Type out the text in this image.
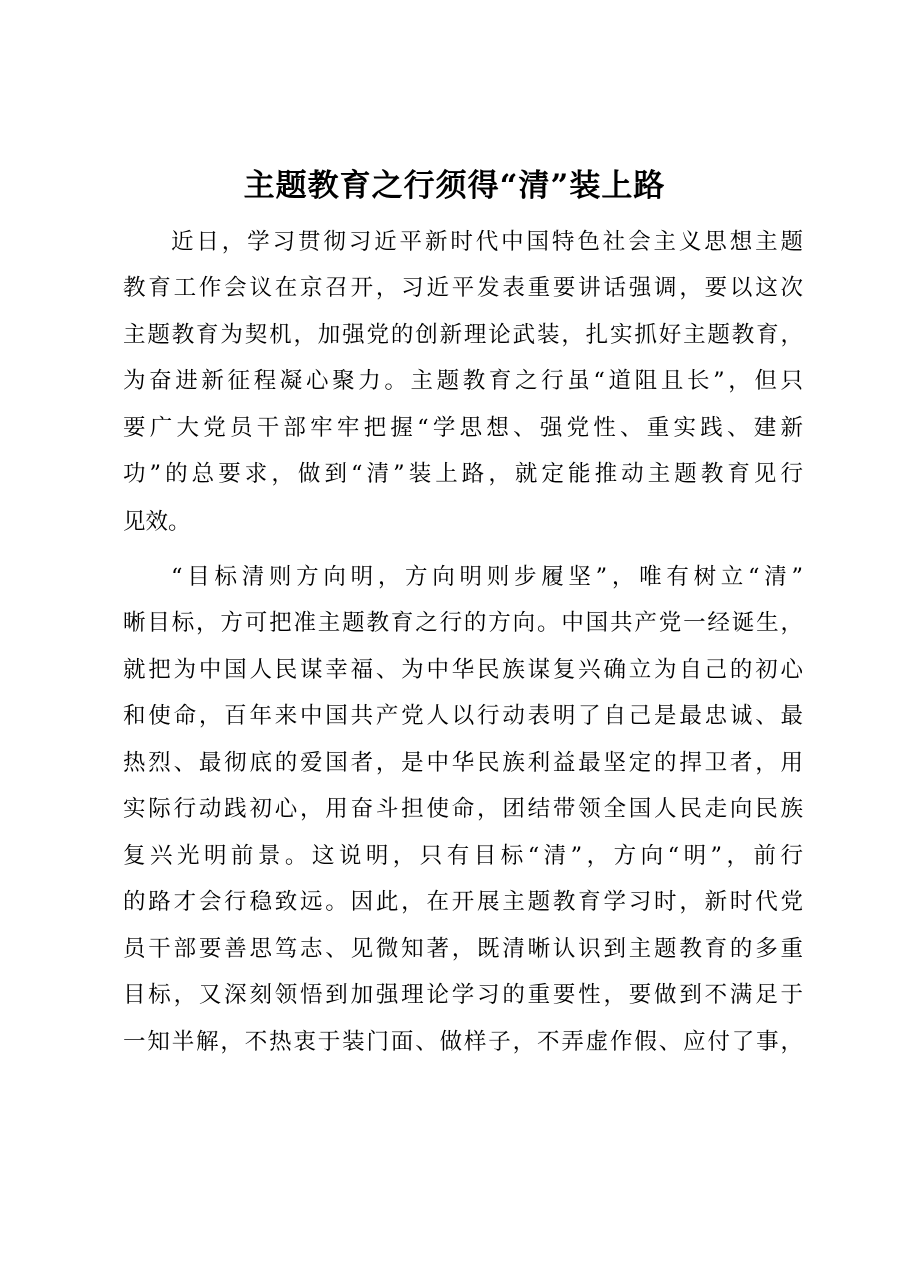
主题教育之行须得“清”装上路

近日，学习贯彻习近平新时代中国特色社会主义思想主题

教育工作会议在京召开，习近平发表重要讲话强调，要以这次

主题教育为契机，加强党的创新理论武装，扎实抓好主题教育，

为奋进新征程凝心聚力。主题教育之行虽“道阻且长”，但只

要广大党员干部牢牢把握“学思想、强党性、重实践、建新

功”的总要求，做到“清”装上路，就定能推动主题教育见行

见效。

“目标清则方向明，方向明则步履坚”，唯有树立“清”

晰目标，方可把准主题教育之行的方向。中国共产党一经诞生，

就把为中国人民谋幸福、为中华民族谋复兴确立为自己的初心

和使命，百年来中国共产党人以行动表明了自己是最忠诚、最

热烈、最彻底的爱国者，是中华民族利益最坚定的捍卫者，用

实际行动践初心，用奋斗担使命，团结带领全国人民走向民族

复兴光明前景。这说明，只有目标“清”，方向“明”，前行

的路才会行稳致远。因此，在开展主题教育学习时，新时代党

员干部要善思笃志、见微知著，既清晰认识到主题教育的多重

目标，又深刻领悟到加强理论学习的重要性，要做到不满足于

一知半解，不热衷于装门面、做样子，不弄虚作假、应付了事，
